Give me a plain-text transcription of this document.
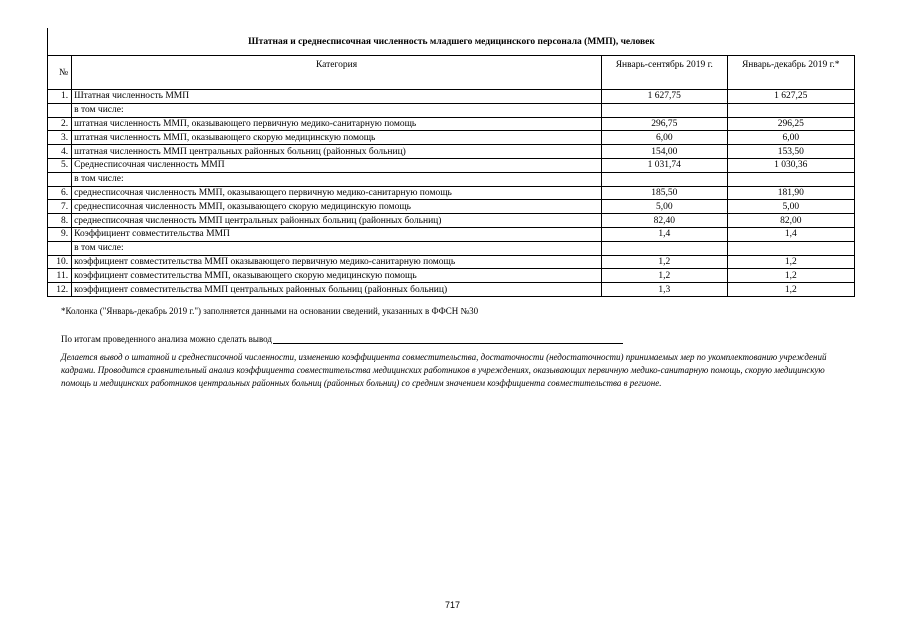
Штатная и среднесписочная численность младшего медицинского персонала (ММП), человек
№	Категория	Январь-сентябрь 2019 г.	Январь-декабрь 2019 г.*
1.	Штатная численность ММП	1 627,75	1 627,25
	в том числе:		
2.	штатная численность ММП, оказывающего первичную медико-санитарную помощь	296,75	296,25
3.	штатная численность ММП, оказывающего скорую медицинскую помощь	6,00	6,00
4.	штатная численность ММП центральных районных больниц (районных больниц)	154,00	153,50
5.	Среднесписочная численность ММП	1 031,74	1 030,36
	в том числе:		
6.	среднесписочная численность ММП, оказывающего первичную медико-санитарную помощь	185,50	181,90
7.	среднесписочная численность ММП, оказывающего скорую медицинскую помощь	5,00	5,00
8.	среднесписочная численность ММП центральных районных больниц (районных больниц)	82,40	82,00
9.	Коэффициент совместительства ММП	1,4	1,4
	в том числе:		
10.	коэффициент совместительства ММП оказывающего первичную медико-санитарную помощь	1,2	1,2
11.	коэффициент совместительства ММП, оказывающего скорую медицинскую помощь	1,2	1,2
12.	коэффициент совместительства ММП центральных районных больниц (районных больниц)	1,3	1,2
*Колонка ("Январь-декабрь 2019 г.") заполняется данными на основании сведений, указанных в ФФСН №30
По итогам проведенного анализа можно сделать вывод
Делается вывод о штатной и среднесписочной численности, изменению коэффициента совместительства, достаточности (недостаточности) принимаемых мер по укомплектованию учреждений кадрами. Проводится сравнительный анализ коэффициента совместительства медицинских работников в учреждениях, оказывающих первичную медико-санитарную помощь, скорую медицинскую помощь и медицинских работников центральных районных больниц (районных больниц) со средним значением коэффициента совместительства в регионе.
717
